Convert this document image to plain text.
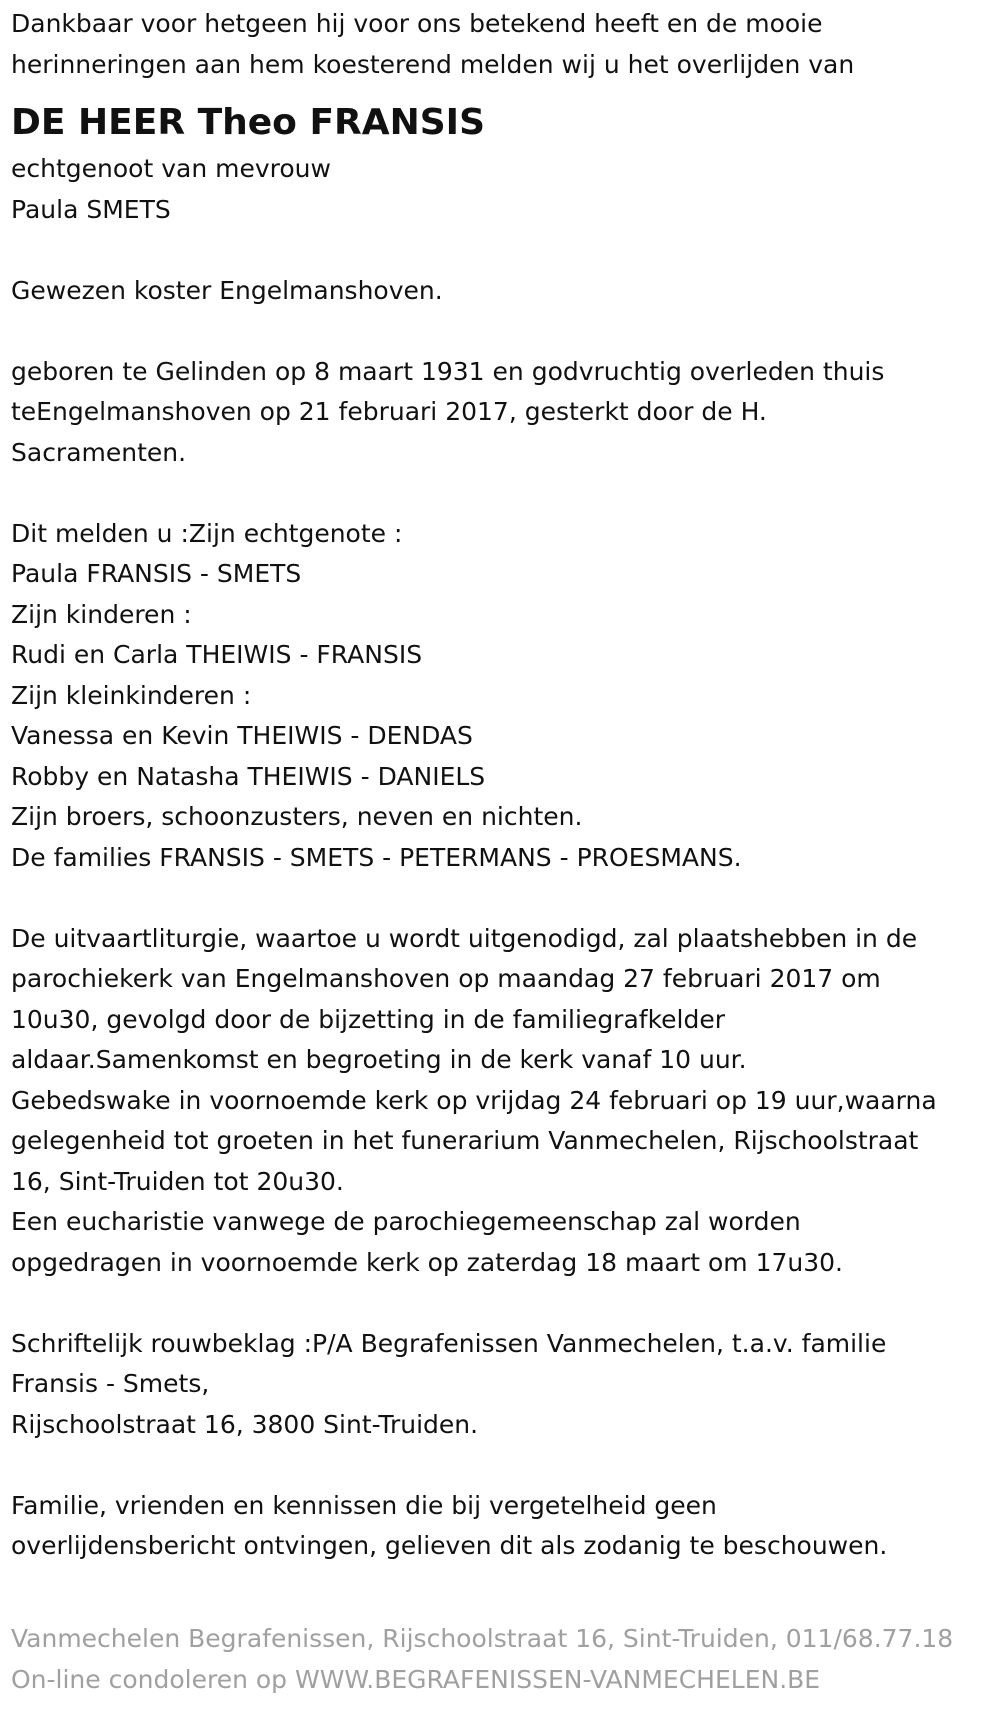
Dankbaar voor hetgeen hij voor ons betekend heeft en de mooie

herinneringen aan hem koesterend melden wij u het overlijden van

DE HEER Theo FRANSIS

echtgenoot van mevrouw

Paula SMETS

Gewezen koster Engelmanshoven.

geboren te Gelinden op 8 maart 1931 en godvruchtig overleden thuis

teEngelmanshoven op 21 februari 2017, gesterkt door de H.

Sacramenten.

Dit melden u :Zijn echtgenote :

Paula FRANSIS - SMETS

Zijn kinderen :

Rudi en Carla THEIWIS - FRANSIS

Zijn kleinkinderen :

Vanessa en Kevin THEIWIS - DENDAS

Robby en Natasha THEIWIS - DANIELS

Zijn broers, schoonzusters, neven en nichten.

De families FRANSIS - SMETS - PETERMANS - PROESMANS.

De uitvaartliturgie, waartoe u wordt uitgenodigd, zal plaatshebben in de

parochiekerk van Engelmanshoven op maandag 27 februari 2017 om

10u30, gevolgd door de bijzetting in de familiegrafkelder

aldaar.Samenkomst en begroeting in de kerk vanaf 10 uur.

Gebedswake in voornoemde kerk op vrijdag 24 februari op 19 uur,waarna

gelegenheid tot groeten in het funerarium Vanmechelen, Rijschoolstraat

16, Sint-Truiden tot 20u30.

Een eucharistie vanwege de parochiegemeenschap zal worden

opgedragen in voornoemde kerk op zaterdag 18 maart om 17u30.

Schriftelijk rouwbeklag :P/A Begrafenissen Vanmechelen, t.a.v. familie

Fransis - Smets,

Rijschoolstraat 16, 3800 Sint-Truiden.

Familie, vrienden en kennissen die bij vergetelheid geen

overlijdensbericht ontvingen, gelieven dit als zodanig te beschouwen.

Vanmechelen Begrafenissen, Rijschoolstraat 16, Sint-Truiden, 011/68.77.18

On-line condoleren op WWW.BEGRAFENISSEN-VANMECHELEN.BE
